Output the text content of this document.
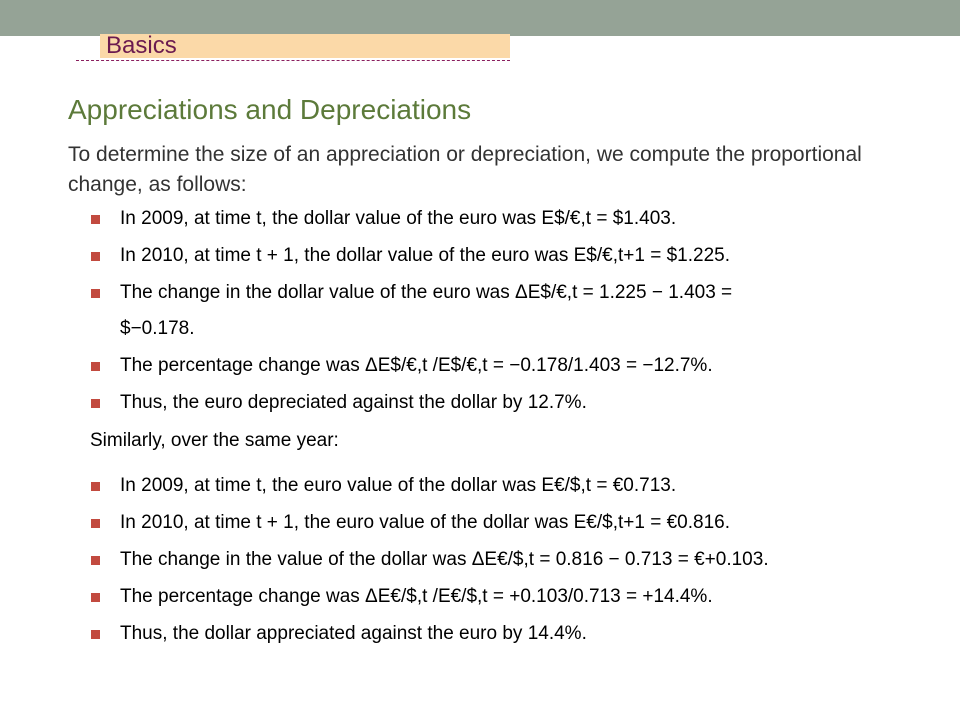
Basics
Appreciations and Depreciations
To determine the size of an appreciation or depreciation, we compute the proportional change, as follows:
In 2009, at time t, the dollar value of the euro was E$/€,t = $1.403.
In 2010, at time t + 1, the dollar value of the euro was E$/€,t+1 = $1.225.
The change in the dollar value of the euro was ΔE$/€,t = 1.225 − 1.403 =
$−0.178.
The percentage change was ΔE$/€,t /E$/€,t = −0.178/1.403 = −12.7%.
Thus, the euro depreciated against the dollar by 12.7%.
Similarly, over the same year:
In 2009, at time t, the euro value of the dollar was E€/$,t = €0.713.
In 2010, at time t + 1, the euro value of the dollar was E€/$,t+1 = €0.816.
The change in the value of the dollar was ΔE€/$,t = 0.816 − 0.713 = €+0.103.
The percentage change was ΔE€/$,t /E€/$,t = +0.103/0.713 = +14.4%.
Thus, the dollar appreciated against the euro by 14.4%.
